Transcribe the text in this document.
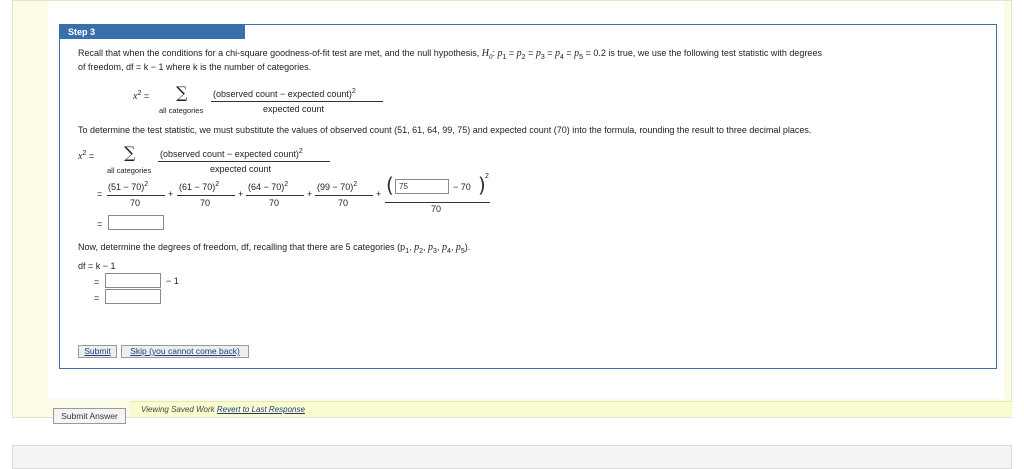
Step 3
Recall that when the conditions for a chi-square goodness-of-fit test are met, and the null hypothesis, $H_0$: $p_1 = p_2 = p_3 = p_4 = p_5 = 0.2$ is true, we use the following test statistic with degrees
of freedom, df = k − 1 where k is the number of categories.
$x^2$ = ∑
all categories
(observed count − expected count)$^2$
expected count
To determine the test statistic, we must substitute the values of observed count (51, 61, 64, 99, 75) and expected count (70) into the formula, rounding the result to three decimal places.
$x^2$ = ∑
all categories
(observed count − expected count)$^2$
expected count
=
$(51 - 70)^2$
70
+
$(61 - 70)^2$
70
+
$(64 - 70)^2$
70
+
$(99 - 70)^2$
70
+ ( 75	− 70 ) 2
70
=
Now, determine the degrees of freedom, df, recalling that there are 5 categories ($p_1$, $p_2$, $p_3$, $p_4$, $p_5$).
df = k − 1
=	− 1
=
Submit	Skip (you cannot come back)
Viewing Saved Work Revert to Last Response
Submit Answer
